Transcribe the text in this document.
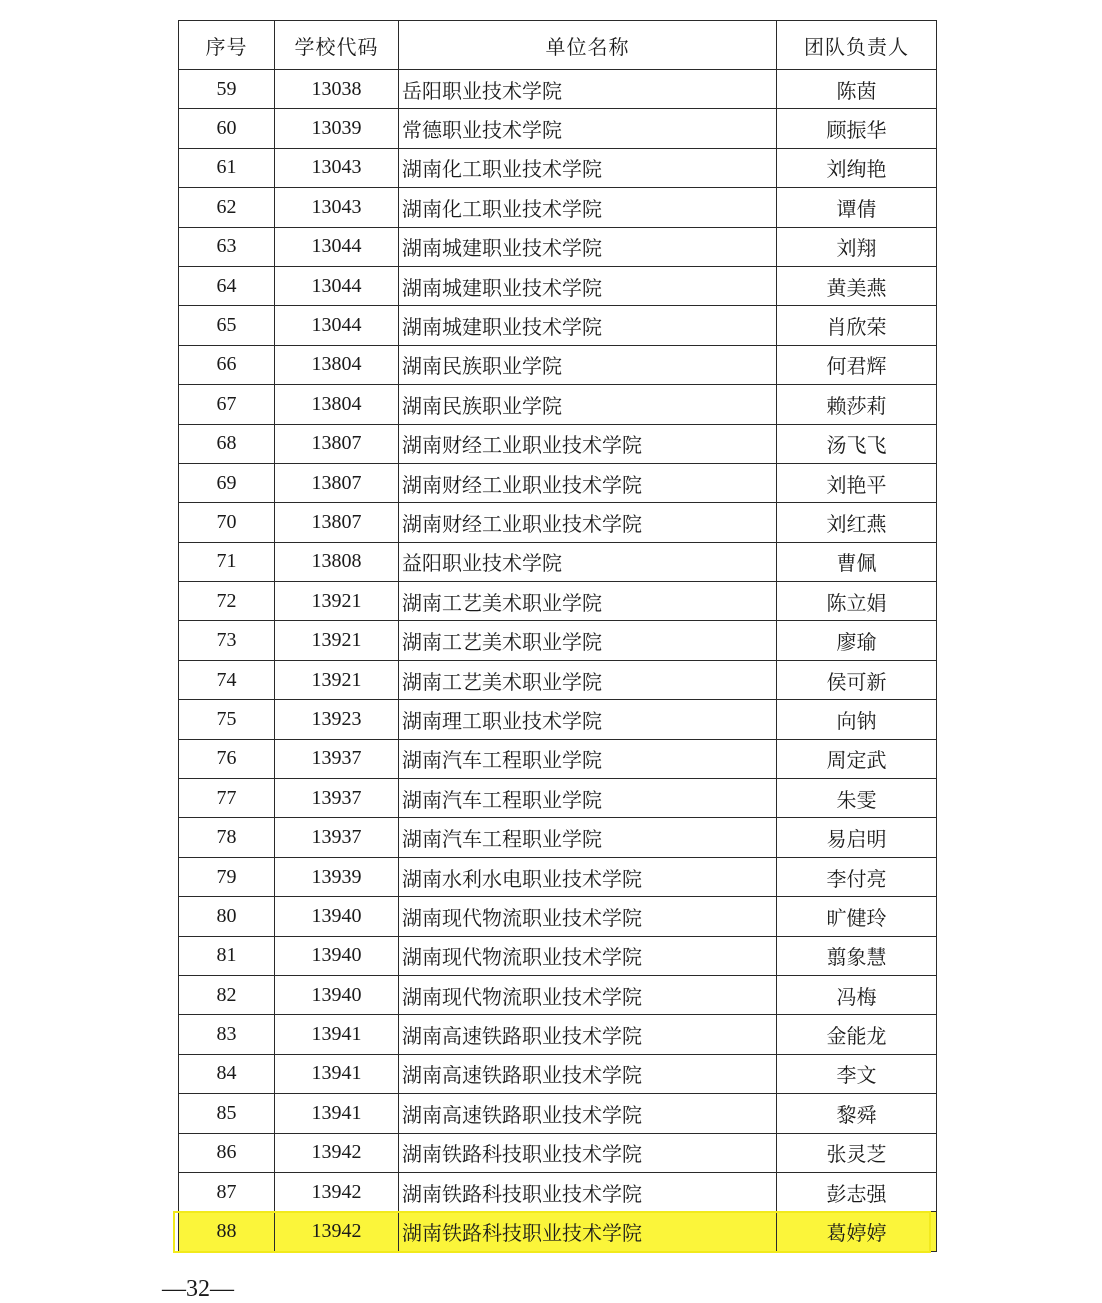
序号	学校代码	单位名称	团队负责人
59	13038	岳阳职业技术学院	陈茵
60	13039	常德职业技术学院	顾振华
61	13043	湖南化工职业技术学院	刘绚艳
62	13043	湖南化工职业技术学院	谭倩
63	13044	湖南城建职业技术学院	刘翔
64	13044	湖南城建职业技术学院	黄美燕
65	13044	湖南城建职业技术学院	肖欣荣
66	13804	湖南民族职业学院	何君辉
67	13804	湖南民族职业学院	赖莎莉
68	13807	湖南财经工业职业技术学院	汤飞飞
69	13807	湖南财经工业职业技术学院	刘艳平
70	13807	湖南财经工业职业技术学院	刘红燕
71	13808	益阳职业技术学院	曹佩
72	13921	湖南工艺美术职业学院	陈立娟
73	13921	湖南工艺美术职业学院	廖瑜
74	13921	湖南工艺美术职业学院	侯可新
75	13923	湖南理工职业技术学院	向钠
76	13937	湖南汽车工程职业学院	周定武
77	13937	湖南汽车工程职业学院	朱雯
78	13937	湖南汽车工程职业学院	易启明
79	13939	湖南水利水电职业技术学院	李付亮
80	13940	湖南现代物流职业技术学院	旷健玲
81	13940	湖南现代物流职业技术学院	翦象慧
82	13940	湖南现代物流职业技术学院	冯梅
83	13941	湖南高速铁路职业技术学院	金能龙
84	13941	湖南高速铁路职业技术学院	李文
85	13941	湖南高速铁路职业技术学院	黎舜
86	13942	湖南铁路科技职业技术学院	张灵芝
87	13942	湖南铁路科技职业技术学院	彭志强
88	13942	湖南铁路科技职业技术学院	葛婷婷
—32—
